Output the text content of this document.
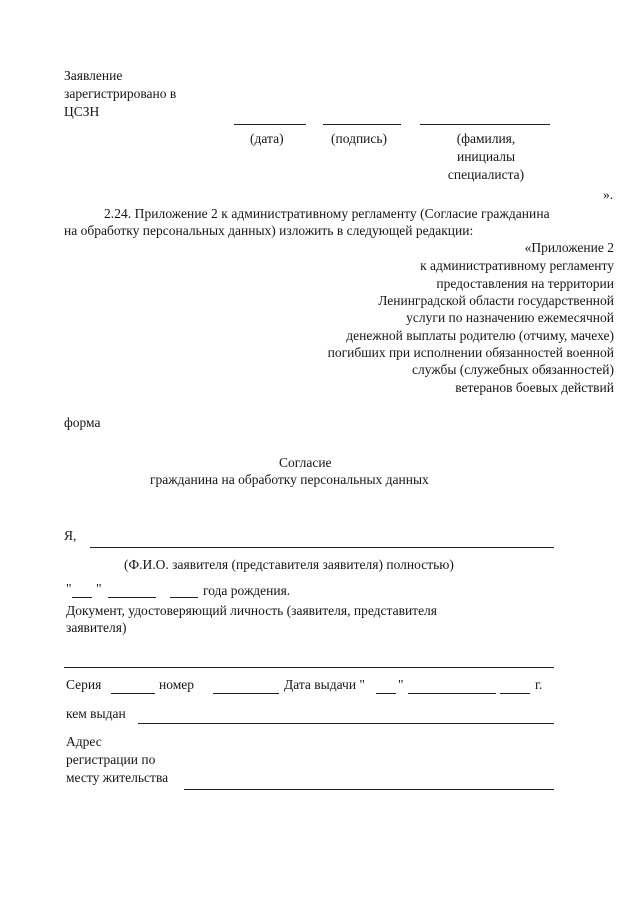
Заявление
зарегистрировано в
ЦСЗН
(дата)	(подпись)	(фамилия,
инициалы
специалиста)
».
2.24. Приложение 2 к административному регламенту (Согласие гражданина
на обработку персональных данных) изложить в следующей редакции:
«Приложение 2
к административному регламенту
предоставления на территории
Ленинградской области государственной
услуги по назначению ежемесячной
денежной выплаты родителю (отчиму, мачехе)
погибших при исполнении обязанностей военной
службы (служебных обязанностей)
ветеранов боевых действий
форма
Согласие
гражданина на обработку персональных данных
Я,
(Ф.И.О. заявителя (представителя заявителя) полностью)
" "	года рождения.
Документ, удостоверяющий личность (заявителя, представителя
заявителя)
Серия	номер	Дата выдачи " "	г.
кем выдан
Адрес
регистрации по
месту жительства
